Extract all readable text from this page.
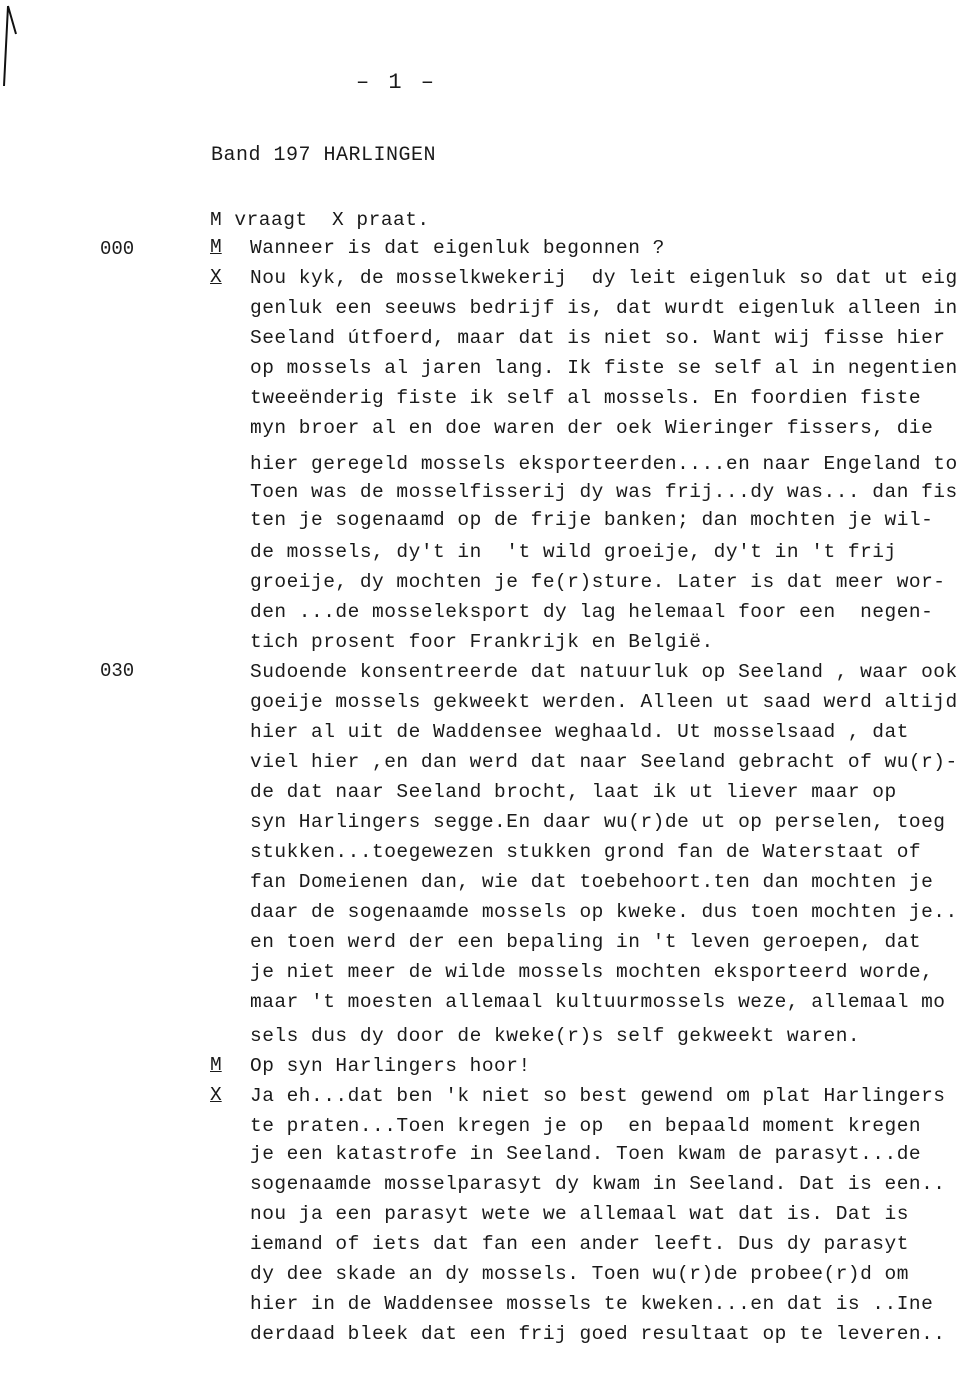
– 1 –
Band 197 HARLINGEN
M vraagt  X praat.
000
030
M
X
M
X
Wanneer is dat eigenluk begonnen ?
Nou kyk, de mosselkwekerij  dy leit eigenluk so dat ut eig
genluk een seeuws bedrijf is, dat wurdt eigenluk alleen in
Seeland útfoerd, maar dat is niet so. Want wij fisse hier
op mossels al jaren lang. Ik fiste se self al in negentien
tweeënderig fiste ik self al mossels. En foordien fiste
myn broer al en doe waren der oek Wieringer fissers, die
hier geregeld mossels eksporteerden....en naar Engeland to
Toen was de mosselfisserij dy was frij...dy was... dan fis
ten je sogenaamd op de frije banken; dan mochten je wil-
de mossels, dy't in  't wild groeije, dy't in 't frij
groeije, dy mochten je fe(r)sture. Later is dat meer wor-
den ...de mosseleksport dy lag helemaal foor een  negen-
tich prosent foor Frankrijk en België.
Sudoende konsentreerde dat natuurluk op Seeland , waar ook
goeije mossels gekweekt werden. Alleen ut saad werd altijd
hier al uit de Waddensee weghaald. Ut mosselsaad , dat
viel hier ,en dan werd dat naar Seeland gebracht of wu(r)-
de dat naar Seeland brocht, laat ik ut liever maar op
syn Harlingers segge.En daar wu(r)de ut op perselen, toeg
stukken...toegewezen stukken grond fan de Waterstaat of
fan Domeienen dan, wie dat toebehoort.ten dan mochten je
daar de sogenaamde mossels op kweke. dus toen mochten je..
en toen werd der een bepaling in 't leven geroepen, dat
je niet meer de wilde mossels mochten eksporteerd worde,
maar 't moesten allemaal kultuurmossels weze, allemaal mo
sels dus dy door de kweke(r)s self gekweekt waren.
Op syn Harlingers hoor!
Ja eh...dat ben 'k niet so best gewend om plat Harlingers
te praten...Toen kregen je op  en bepaald moment kregen
je een katastrofe in Seeland. Toen kwam de parasyt...de
sogenaamde mosselparasyt dy kwam in Seeland. Dat is een..
nou ja een parasyt wete we allemaal wat dat is. Dat is
iemand of iets dat fan een ander leeft. Dus dy parasyt
dy dee skade an dy mossels. Toen wu(r)de probee(r)d om
hier in de Waddensee mossels te kweken...en dat is ..Ine
derdaad bleek dat een frij goed resultaat op te leveren..
